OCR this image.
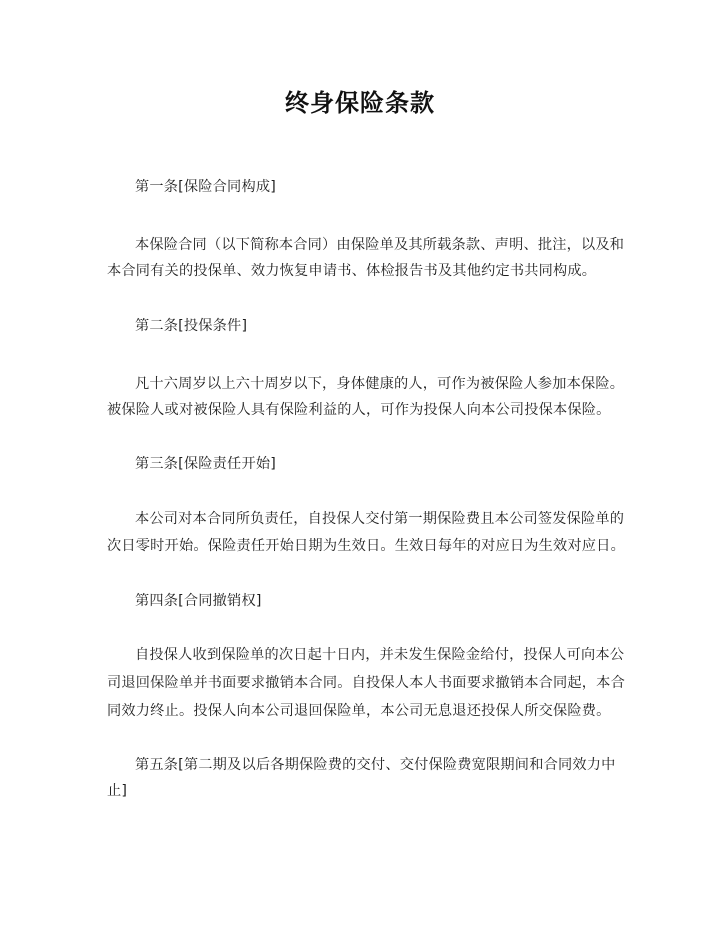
终身保险条款
第一条[保险合同构成]
本保险合同（以下简称本合同）由保险单及其所载条款、声明、批注，以及和
本合同有关的投保单、效力恢复申请书、体检报告书及其他约定书共同构成。
第二条[投保条件]
凡十六周岁以上六十周岁以下，身体健康的人，可作为被保险人参加本保险。
被保险人或对被保险人具有保险利益的人，可作为投保人向本公司投保本保险。
第三条[保险责任开始]
本公司对本合同所负责任，自投保人交付第一期保险费且本公司签发保险单的
次日零时开始。保险责任开始日期为生效日。生效日每年的对应日为生效对应日。
第四条[合同撤销权]
自投保人收到保险单的次日起十日内，并未发生保险金给付，投保人可向本公
司退回保险单并书面要求撤销本合同。自投保人本人书面要求撤销本合同起，本合
同效力终止。投保人向本公司退回保险单，本公司无息退还投保人所交保险费。
第五条[第二期及以后各期保险费的交付、交付保险费宽限期间和合同效力中
止]
